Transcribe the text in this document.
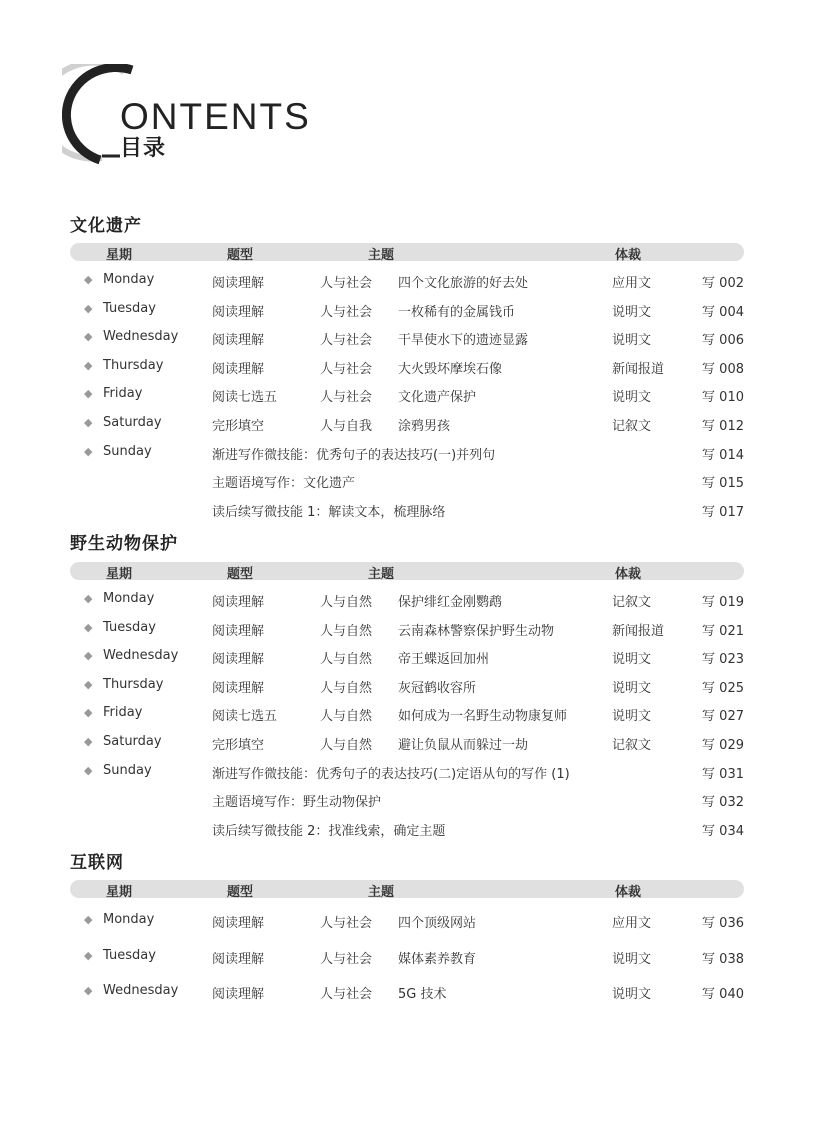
ONTENTS
目录
文化遗产
星期	题型	主题	体裁
◆ Monday	阅读理解	人与社会 四个文化旅游的好去处	应用文	写 002
◆ Tuesday	阅读理解	人与社会 一枚稀有的金属钱币	说明文	写 004
◆ Wednesday	阅读理解	人与社会 干旱使水下的遗迹显露	说明文	写 006
◆ Thursday	阅读理解	人与社会 大火毁坏摩埃石像	新闻报道	写 008
◆ Friday	阅读七选五	人与社会 文化遗产保护	说明文	写 010
◆ Saturday	完形填空	人与自我 涂鸦男孩	记叙文	写 012
◆ Sunday	渐进写作微技能：优秀句子的表达技巧(一)并列句	写 014
主题语境写作：文化遗产	写 015
读后续写微技能 1：解读文本，梳理脉络	写 017
野生动物保护
星期	题型	主题	体裁
◆ Monday	阅读理解	人与自然 保护绯红金刚鹦鹉	记叙文	写 019
◆ Tuesday	阅读理解	人与自然 云南森林警察保护野生动物	新闻报道	写 021
◆ Wednesday	阅读理解	人与自然 帝王蝶返回加州	说明文	写 023
◆ Thursday	阅读理解	人与自然 灰冠鹤收容所	说明文	写 025
◆ Friday	阅读七选五	人与自然 如何成为一名野生动物康复师	说明文	写 027
◆ Saturday	完形填空	人与自然 避让负鼠从而躲过一劫	记叙文	写 029
◆ Sunday	渐进写作微技能：优秀句子的表达技巧(二)定语从句的写作 (1)	写 031
主题语境写作：野生动物保护	写 032
读后续写微技能 2：找准线索，确定主题	写 034
互联网
星期	题型	主题	体裁
◆ Monday	阅读理解	人与社会 四个顶级网站	应用文	写 036
◆ Tuesday	阅读理解	人与社会 媒体素养教育	说明文	写 038
◆ Wednesday	阅读理解	人与社会 5G 技术	说明文	写 040
